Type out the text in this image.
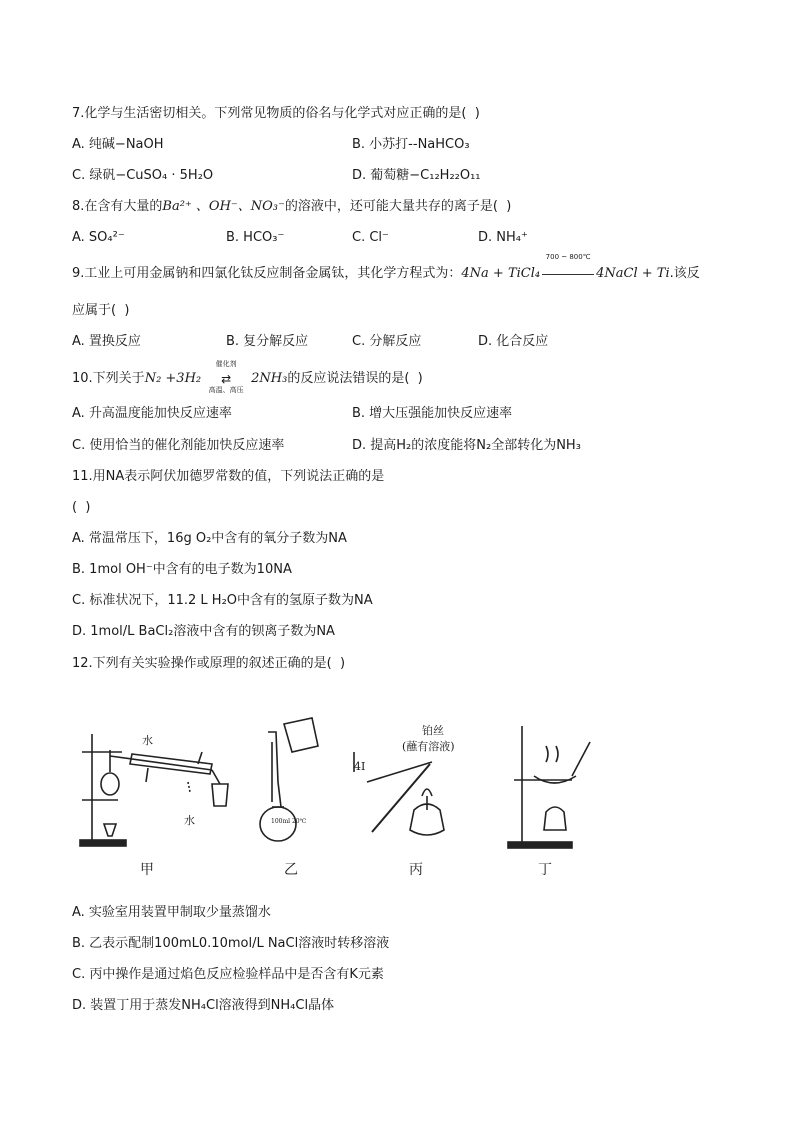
7.化学与生活密切相关。下列常见物质的俗名与化学式对应正确的是(  )
A. 纯碱−NaOH	B. 小苏打--NaHCO₃
C. 绿矾−CuSO₄ · 5H₂O	D. 葡萄糖−C₁₂H₂₂O₁₁
8.在含有大量的Ba²⁺ 、OH⁻、NO₃⁻的溶液中，还可能大量共存的离子是(  )
A. SO₄²⁻	B. HCO₃⁻	C. Cl⁻	D. NH₄⁺
9.工业上可用金属钠和四氯化钛反应制备金属钛，其化学方程式为：4Na + TiCl₄
700 ~ 800℃
4NaCl + Ti.该反
应属于(  )
A. 置换反应	B. 复分解反应	C. 分解反应	D. 化合反应
10.下列关于N₂ +3H₂
催化剂
⇄
高温、高压
2NH₃的反应说法错误的是(  )
A. 升高温度能加快反应速率	B. 增大压强能加快反应速率
C. 使用恰当的催化剂能加快反应速率	D. 提高H₂的浓度能将N₂全部转化为NH₃
11.用NA表示阿伏加德罗常数的值，下列说法正确的是
(  )
A. 常温常压下，16g O₂中含有的氧分子数为NA
B. 1mol OH⁻中含有的电子数为10NA
C. 标准状况下，11.2 L H₂O中含有的氢原子数为NA
D. 1mol/L BaCl₂溶液中含有的钡离子数为NA
12.下列有关实验操作或原理的叙述正确的是(  )
水
水	100ml 20℃
铂丝
(蘸有溶液)
4I
甲	乙	丙	丁
A. 实验室用装置甲制取少量蒸馏水
B. 乙表示配制100mL0.10mol/L NaCl溶液时转移溶液
C. 丙中操作是通过焰色反应检验样品中是否含有K元素
D. 装置丁用于蒸发NH₄Cl溶液得到NH₄Cl晶体
